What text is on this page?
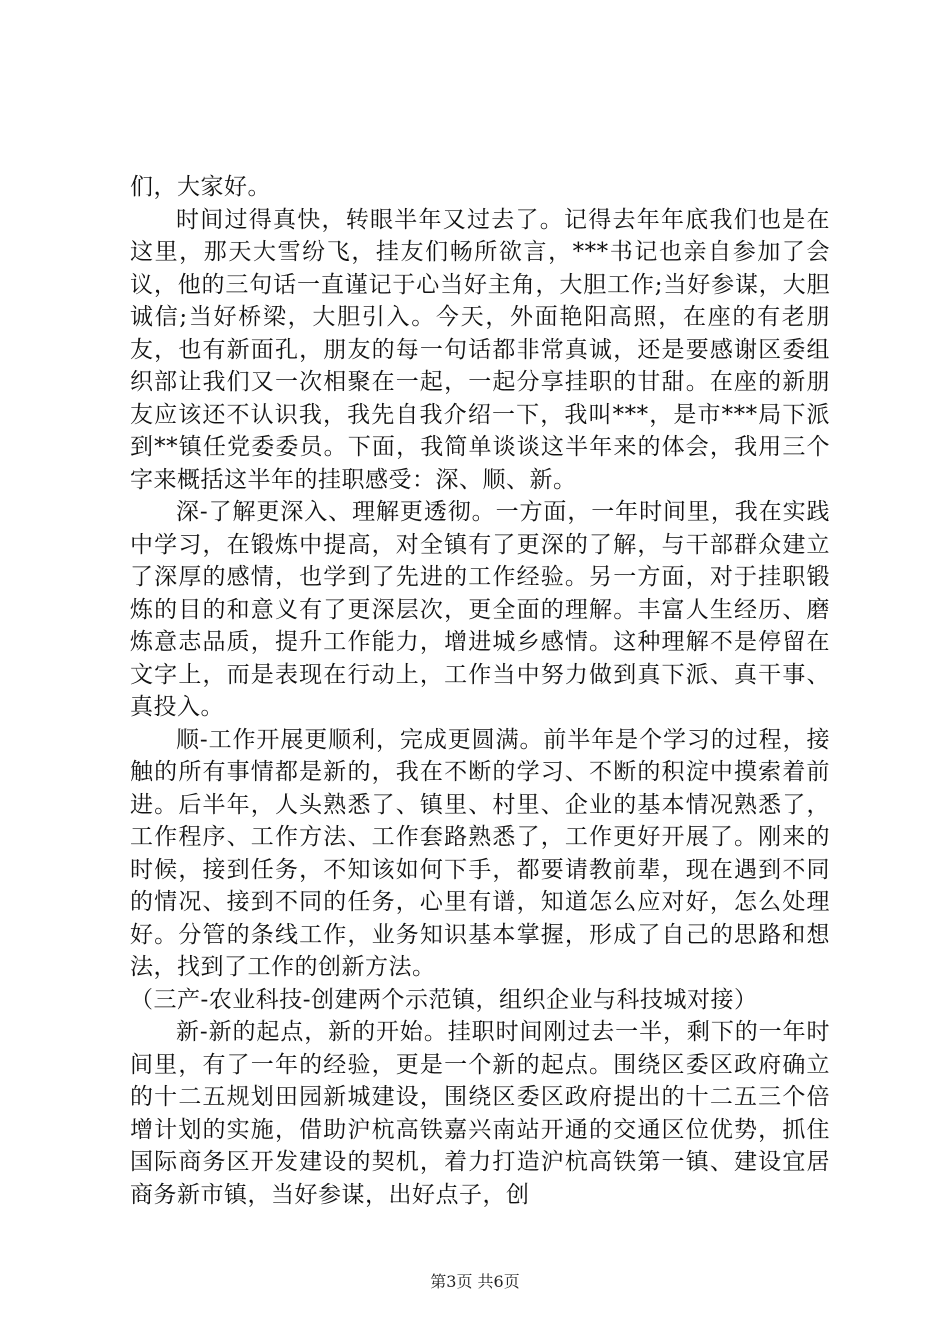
们，大家好。

时间过得真快，转眼半年又过去了。记得去年年底我们也是在这里，那天大雪纷飞，挂友们畅所欲言，***书记也亲自参加了会议，他的三句话一直谨记于心当好主角，大胆工作;当好参谋，大胆诚信;当好桥梁，大胆引入。今天，外面艳阳高照，在座的有老朋友，也有新面孔，朋友的每一句话都非常真诚，还是要感谢区委组织部让我们又一次相聚在一起，一起分享挂职的甘甜。在座的新朋友应该还不认识我，我先自我介绍一下，我叫***，是市***局下派到**镇任党委委员。下面，我简单谈谈这半年来的体会，我用三个字来概括这半年的挂职感受：深、顺、新。

深-了解更深入、理解更透彻。一方面，一年时间里，我在实践中学习，在锻炼中提高，对全镇有了更深的了解，与干部群众建立了深厚的感情，也学到了先进的工作经验。另一方面，对于挂职锻炼的目的和意义有了更深层次，更全面的理解。丰富人生经历、磨炼意志品质，提升工作能力，增进城乡感情。这种理解不是停留在文字上，而是表现在行动上，工作当中努力做到真下派、真干事、真投入。

顺-工作开展更顺利，完成更圆满。前半年是个学习的过程，接触的所有事情都是新的，我在不断的学习、不断的积淀中摸索着前进。后半年，人头熟悉了、镇里、村里、企业的基本情况熟悉了，工作程序、工作方法、工作套路熟悉了，工作更好开展了。刚来的时候，接到任务，不知该如何下手，都要请教前辈，现在遇到不同的情况、接到不同的任务，心里有谱，知道怎么应对好，怎么处理好。分管的条线工作，业务知识基本掌握，形成了自己的思路和想法，找到了工作的创新方法。

（三产-农业科技-创建两个示范镇，组织企业与科技城对接）

新-新的起点，新的开始。挂职时间刚过去一半，剩下的一年时间里，有了一年的经验，更是一个新的起点。围绕区委区政府确立的十二五规划田园新城建设，围绕区委区政府提出的十二五三个倍增计划的实施，借助沪杭高铁嘉兴南站开通的交通区位优势，抓住国际商务区开发建设的契机，着力打造沪杭高铁第一镇、建设宜居商务新市镇，当好参谋，出好点子，创

第3页 共6页
